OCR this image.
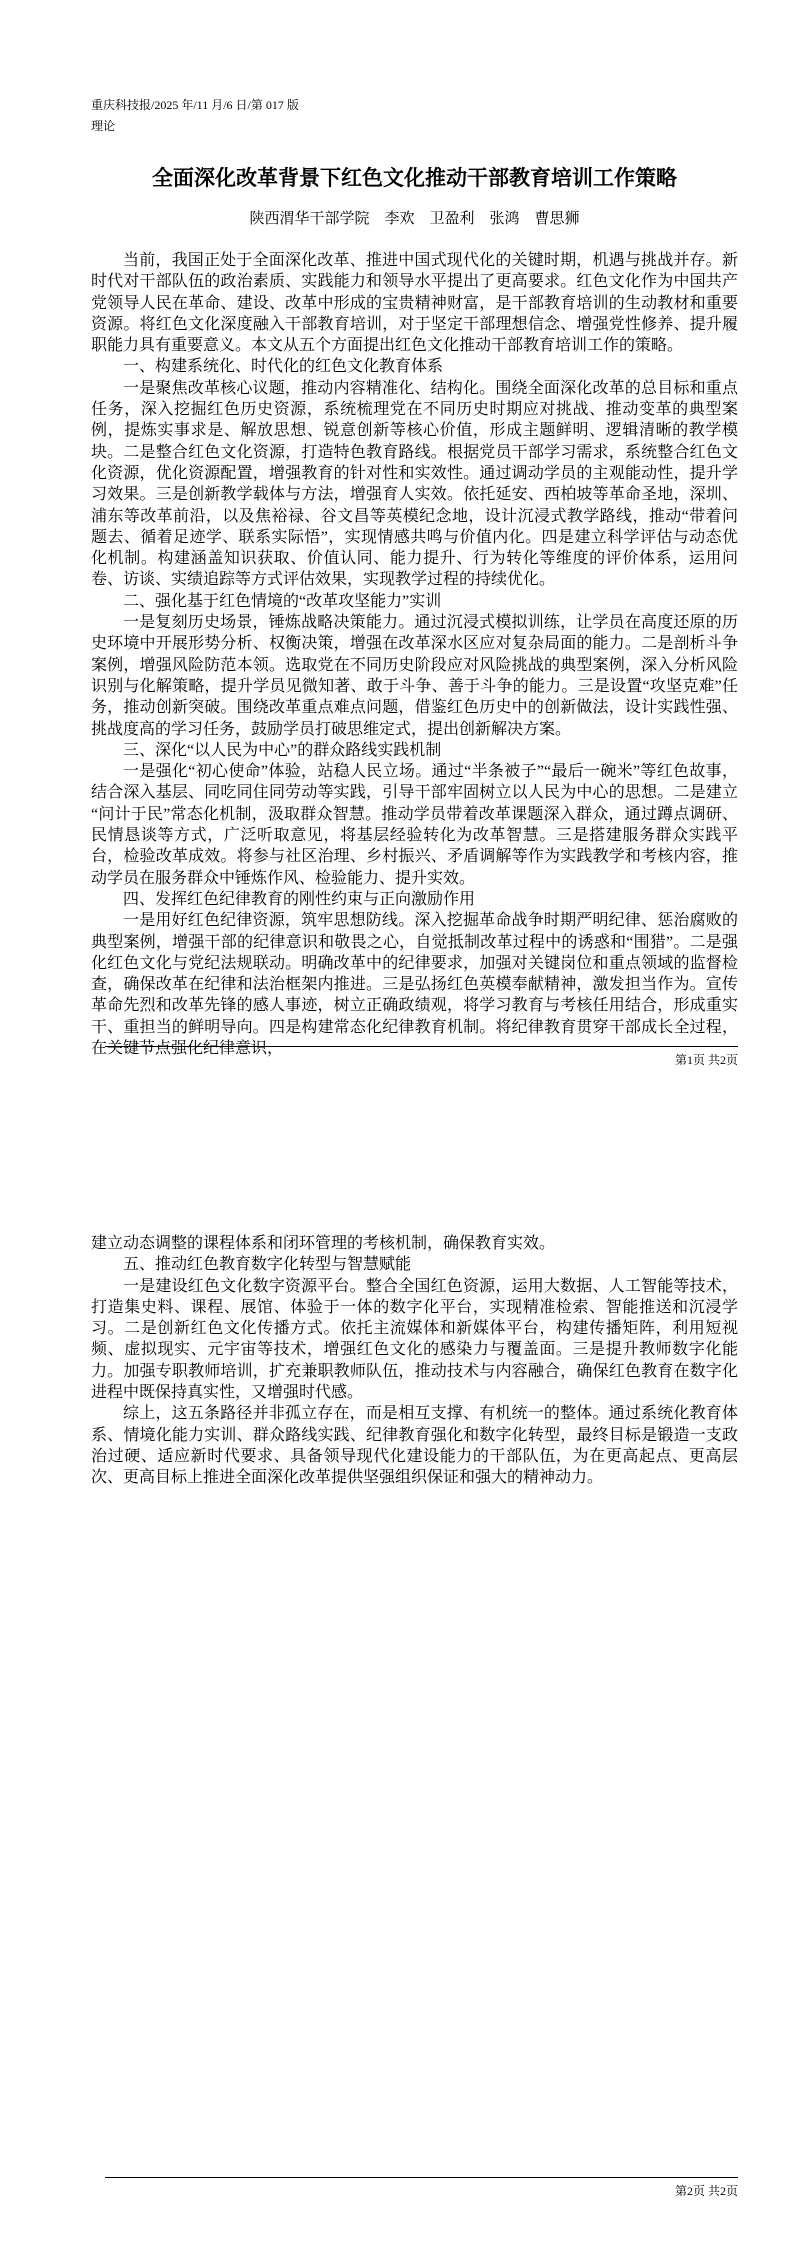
重庆科技报/2025 年/11 月/6 日/第 017 版
理论
全面深化改革背景下红色文化推动干部教育培训工作策略
陕西渭华干部学院　李欢　卫盈利　张鸿　曹思狮

当前，我国正处于全面深化改革、推进中国式现代化的关键时期，机遇与挑战并存。新时代对干部队伍的政治素质、实践能力和领导水平提出了更高要求。红色文化作为中国共产党领导人民在革命、建设、改革中形成的宝贵精神财富，是干部教育培训的生动教材和重要资源。将红色文化深度融入干部教育培训，对于坚定干部理想信念、增强党性修养、提升履职能力具有重要意义。本文从五个方面提出红色文化推动干部教育培训工作的策略。

一、构建系统化、时代化的红色文化教育体系

一是聚焦改革核心议题，推动内容精准化、结构化。围绕全面深化改革的总目标和重点任务，深入挖掘红色历史资源，系统梳理党在不同历史时期应对挑战、推动变革的典型案例，提炼实事求是、解放思想、锐意创新等核心价值，形成主题鲜明、逻辑清晰的教学模块。二是整合红色文化资源，打造特色教育路线。根据党员干部学习需求，系统整合红色文化资源，优化资源配置，增强教育的针对性和实效性。通过调动学员的主观能动性，提升学习效果。三是创新教学载体与方法，增强育人实效。依托延安、西柏坡等革命圣地，深圳、浦东等改革前沿，以及焦裕禄、谷文昌等英模纪念地，设计沉浸式教学路线，推动“带着问题去、循着足迹学、联系实际悟”，实现情感共鸣与价值内化。四是建立科学评估与动态优化机制。构建涵盖知识获取、价值认同、能力提升、行为转化等维度的评价体系，运用问卷、访谈、实绩追踪等方式评估效果，实现教学过程的持续优化。

二、强化基于红色情境的“改革攻坚能力”实训

一是复刻历史场景，锤炼战略决策能力。通过沉浸式模拟训练，让学员在高度还原的历史环境中开展形势分析、权衡决策，增强在改革深水区应对复杂局面的能力。二是剖析斗争案例，增强风险防范本领。选取党在不同历史阶段应对风险挑战的典型案例，深入分析风险识别与化解策略，提升学员见微知著、敢于斗争、善于斗争的能力。三是设置“攻坚克难”任务，推动创新突破。围绕改革重点难点问题，借鉴红色历史中的创新做法，设计实践性强、挑战度高的学习任务，鼓励学员打破思维定式，提出创新解决方案。

三、深化“以人民为中心”的群众路线实践机制

一是强化“初心使命”体验，站稳人民立场。通过“半条被子”“最后一碗米”等红色故事，结合深入基层、同吃同住同劳动等实践，引导干部牢固树立以人民为中心的思想。二是建立“问计于民”常态化机制，汲取群众智慧。推动学员带着改革课题深入群众，通过蹲点调研、民情恳谈等方式，广泛听取意见，将基层经验转化为改革智慧。三是搭建服务群众实践平台，检验改革成效。将参与社区治理、乡村振兴、矛盾调解等作为实践教学和考核内容，推动学员在服务群众中锤炼作风、检验能力、提升实效。

四、发挥红色纪律教育的刚性约束与正向激励作用

一是用好红色纪律资源，筑牢思想防线。深入挖掘革命战争时期严明纪律、惩治腐败的典型案例，增强干部的纪律意识和敬畏之心，自觉抵制改革过程中的诱惑和“围猎”。二是强化红色文化与党纪法规联动。明确改革中的纪律要求，加强对关键岗位和重点领域的监督检查，确保改革在纪律和法治框架内推进。三是弘扬红色英模奉献精神，激发担当作为。宣传革命先烈和改革先锋的感人事迹，树立正确政绩观，将学习教育与考核任用结合，形成重实干、重担当的鲜明导向。四是构建常态化纪律教育机制。将纪律教育贯穿干部成长全过程，在关键节点强化纪律意识，

第1页 共2页

建立动态调整的课程体系和闭环管理的考核机制，确保教育实效。

五、推动红色教育数字化转型与智慧赋能

一是建设红色文化数字资源平台。整合全国红色资源，运用大数据、人工智能等技术，打造集史料、课程、展馆、体验于一体的数字化平台，实现精准检索、智能推送和沉浸学习。二是创新红色文化传播方式。依托主流媒体和新媒体平台，构建传播矩阵，利用短视频、虚拟现实、元宇宙等技术，增强红色文化的感染力与覆盖面。三是提升教师数字化能力。加强专职教师培训，扩充兼职教师队伍，推动技术与内容融合，确保红色教育在数字化进程中既保持真实性，又增强时代感。

综上，这五条路径并非孤立存在，而是相互支撑、有机统一的整体。通过系统化教育体系、情境化能力实训、群众路线实践、纪律教育强化和数字化转型，最终目标是锻造一支政治过硬、适应新时代要求、具备领导现代化建设能力的干部队伍，为在更高起点、更高层次、更高目标上推进全面深化改革提供坚强组织保证和强大的精神动力。

第2页 共2页
